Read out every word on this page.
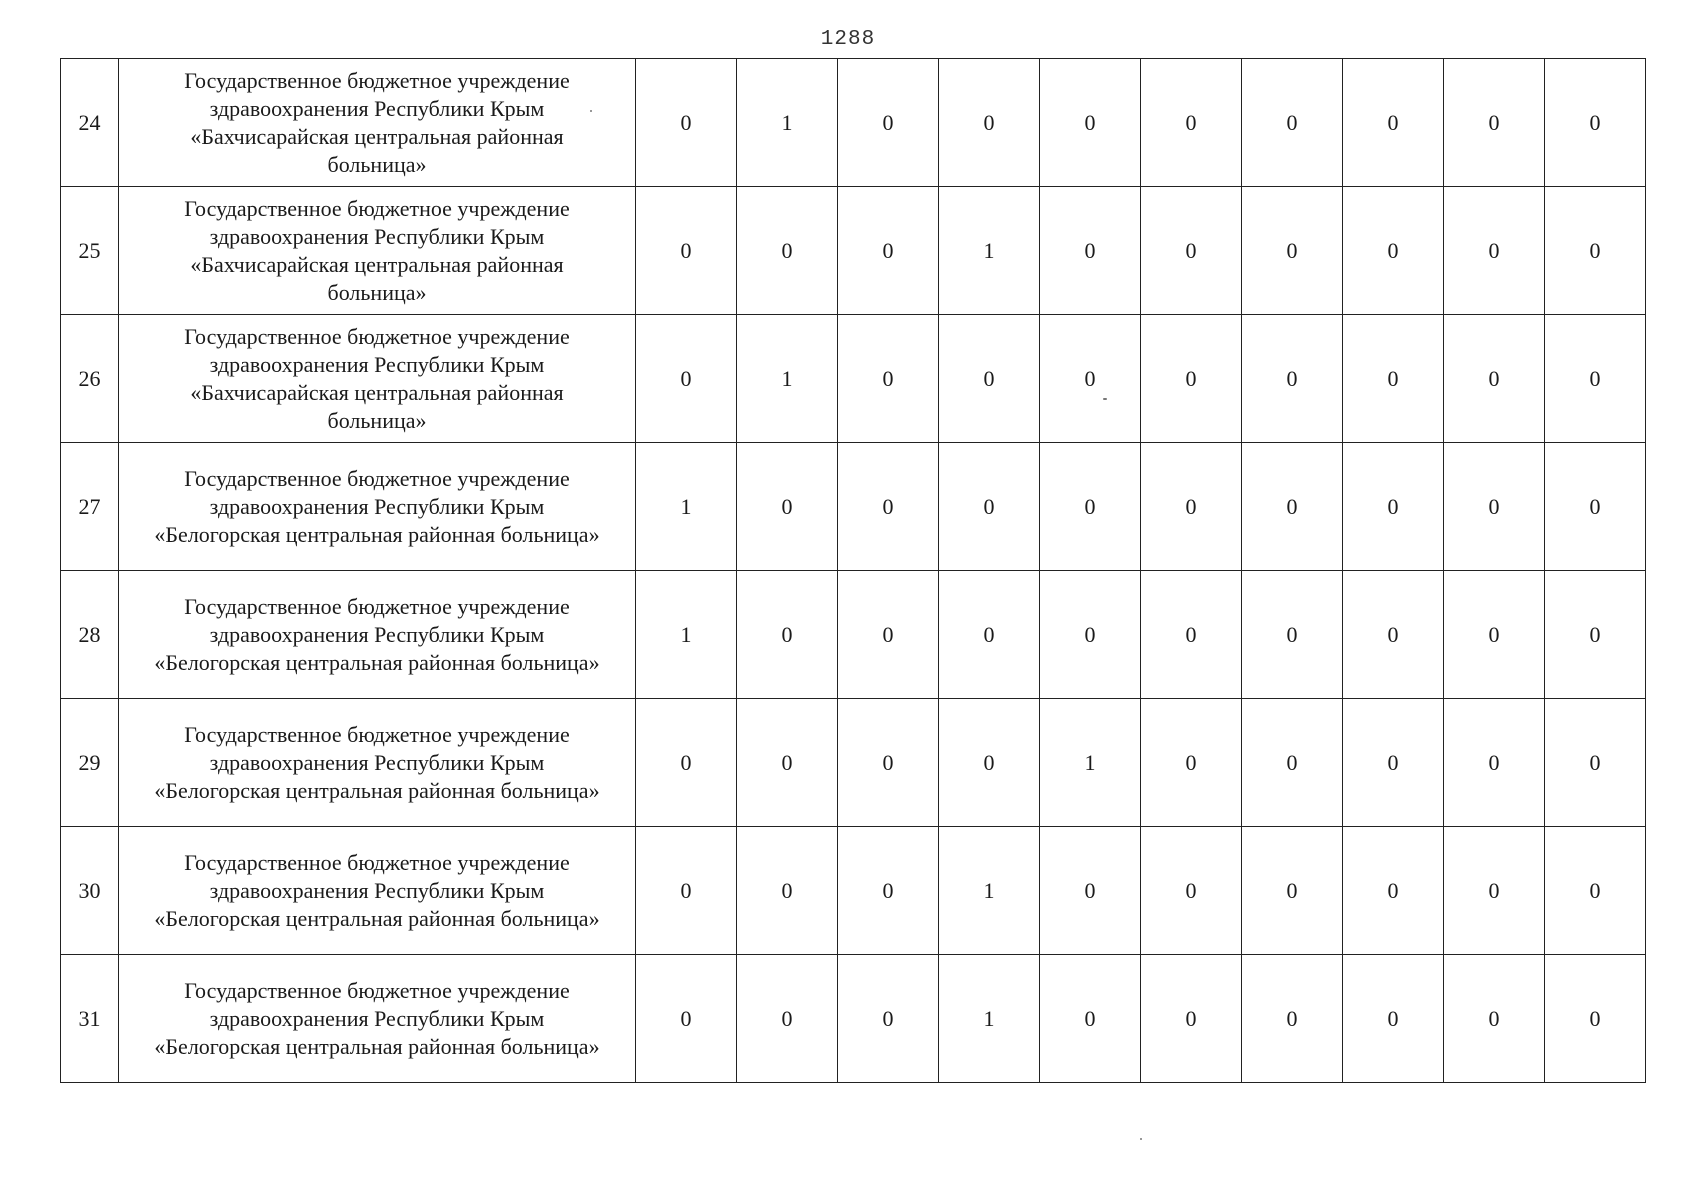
1288
24	Государственное бюджетное учреждение
здравоохранения Республики Крым
«Бахчисарайская центральная районная
больница»	0	1	0	0	0	0	0	0	0	0
25	Государственное бюджетное учреждение
здравоохранения Республики Крым
«Бахчисарайская центральная районная
больница»	0	0	0	1	0	0	0	0	0	0
26	Государственное бюджетное учреждение
здравоохранения Республики Крым
«Бахчисарайская центральная районная
больница»	0	1	0	0	0	0	0	0	0	0
27	Государственное бюджетное учреждение
здравоохранения Республики Крым
«Белогорская центральная районная больница»	1	0	0	0	0	0	0	0	0	0
28	Государственное бюджетное учреждение
здравоохранения Республики Крым
«Белогорская центральная районная больница»	1	0	0	0	0	0	0	0	0	0
29	Государственное бюджетное учреждение
здравоохранения Республики Крым
«Белогорская центральная районная больница»	0	0	0	0	1	0	0	0	0	0
30	Государственное бюджетное учреждение
здравоохранения Республики Крым
«Белогорская центральная районная больница»	0	0	0	1	0	0	0	0	0	0
31	Государственное бюджетное учреждение
здравоохранения Республики Крым
«Белогорская центральная районная больница»	0	0	0	1	0	0	0	0	0	0
